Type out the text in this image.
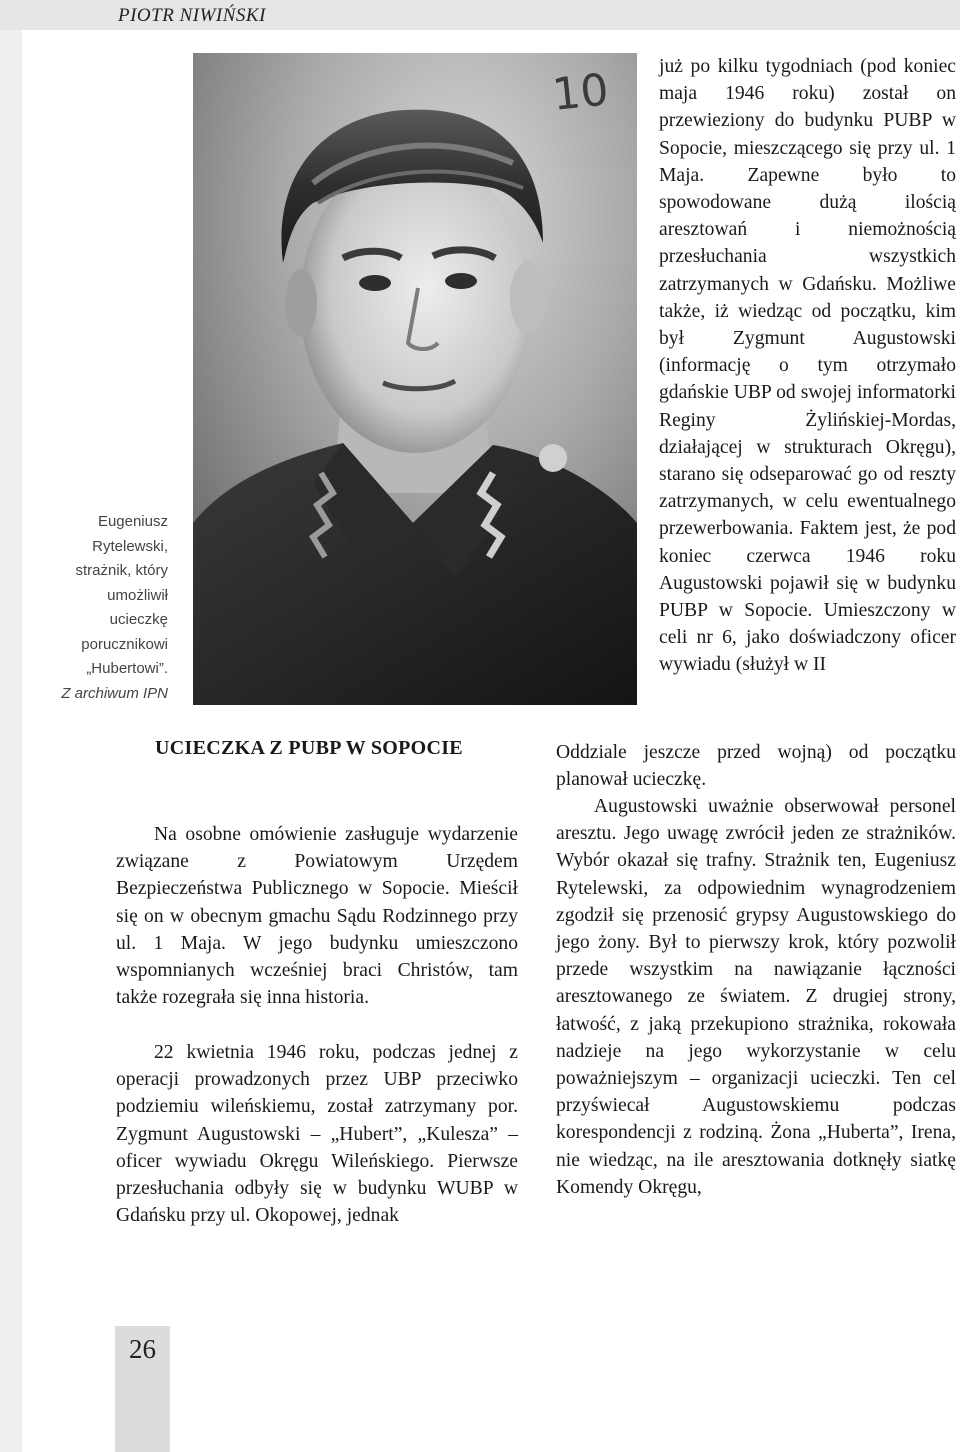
PIOTR NIWIŃSKI
Eugeniusz
Rytelewski,
strażnik, który
umożliwił
ucieczkę
porucznikowi
„Hubertowi”.
Z archiwum IPN
10
UCIECZKA Z PUBP W SOPOCIE
Na osobne omówienie zasługuje wydarzenie związane z Powiatowym Urzędem Bezpieczeństwa Publicznego w Sopocie. Mieścił się on w obecnym gmachu Sądu Rodzinnego przy ul. 1 Maja. W jego budynku umieszczono wspomnianych wcześniej braci Christów, tam także rozegrała się inna historia.
22 kwietnia 1946 roku, podczas jednej z operacji prowadzonych przez UBP przeciwko podziemiu wileńskiemu, został zatrzymany por. Zygmunt Augustowski – „Hubert”, „Kulesza” – oficer wywiadu Okręgu Wileńskiego. Pierwsze przesłuchania odbyły się w budynku WUBP w Gdańsku przy ul. Okopowej, jednak
już po kilku tygodniach (pod koniec maja 1946 roku) został on przewieziony do budynku PUBP w Sopocie, mieszczącego się przy ul. 1 Maja. Zapewne było to spowodowane dużą ilością aresztowań i niemożnością przesłuchania wszystkich zatrzymanych w Gdańsku. Możliwe także, iż wiedząc od początku, kim był Zygmunt Augustowski (informację o tym otrzymało gdańskie UBP od swojej informatorki Reginy Żylińskiej-Mordas, działającej w strukturach Okręgu), starano się odseparować go od reszty zatrzymanych, w celu ewentualnego przewerbowania. Faktem jest, że pod koniec czerwca 1946 roku Augustowski pojawił się w budynku PUBP w Sopocie. Umieszczony w celi nr 6, jako doświadczony oficer wywiadu (służył w II
Oddziale jeszcze przed wojną) od początku planował ucieczkę.
Augustowski uważnie obserwował personel aresztu. Jego uwagę zwrócił jeden ze strażników. Wybór okazał się trafny. Strażnik ten, Eugeniusz Rytelewski, za odpowiednim wynagrodzeniem zgodził się przenosić grypsy Augustowskiego do jego żony. Był to pierwszy krok, który pozwolił przede wszystkim na nawiązanie łączności aresztowanego ze światem. Z drugiej strony, łatwość, z jaką przekupiono strażnika, rokowała nadzieje na jego wykorzystanie w celu poważniejszym – organizacji ucieczki. Ten cel przyświecał Augustowskiemu podczas korespondencji z rodziną. Żona „Huberta”, Irena, nie wiedząc, na ile aresztowania dotknęły siatkę Komendy Okręgu,
26
